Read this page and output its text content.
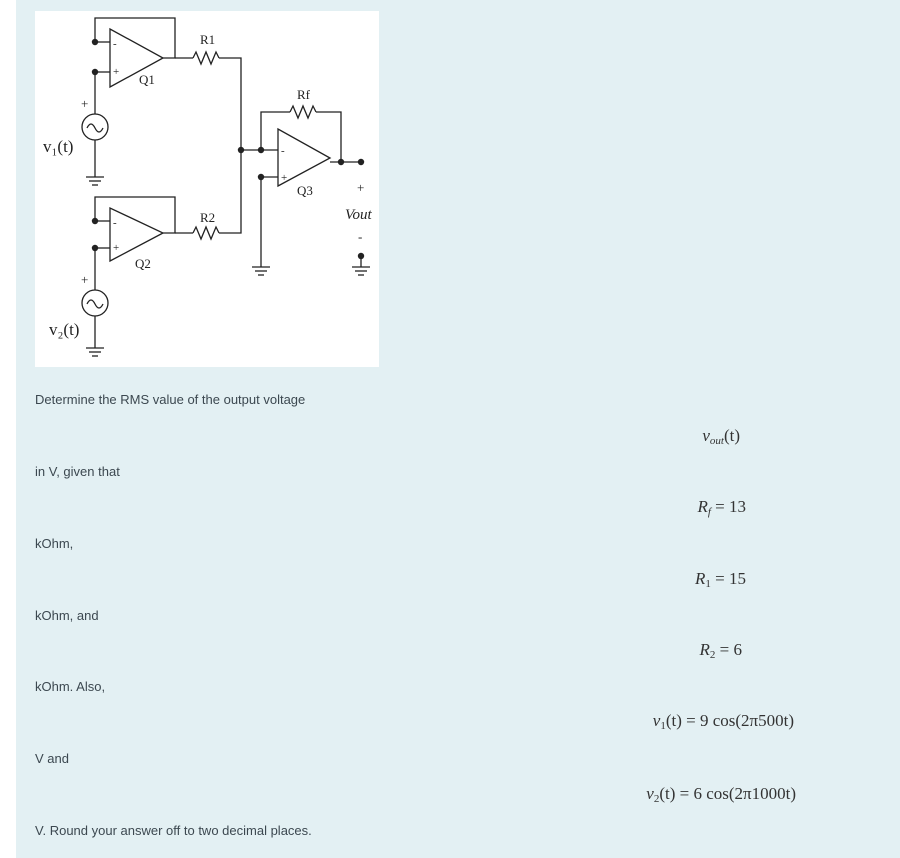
-
+
-
+
-
+
Q1
Q2
Q3
R1
R2
Rf
+
+
+
-
v₁(t)
v₂(t)
Vout
Determine the RMS value of the output voltage
in V, given that
kOhm,
kOhm, and
kOhm. Also,
V and
V. Round your answer off to two decimal places.
$v_{out}(t)$
$R_f = 13$
$R_1 = 15$
$R_2 = 6$
$v_1(t) = 9$ cos(2π500t)
$v_2(t) = 6$ cos(2π1000t)
